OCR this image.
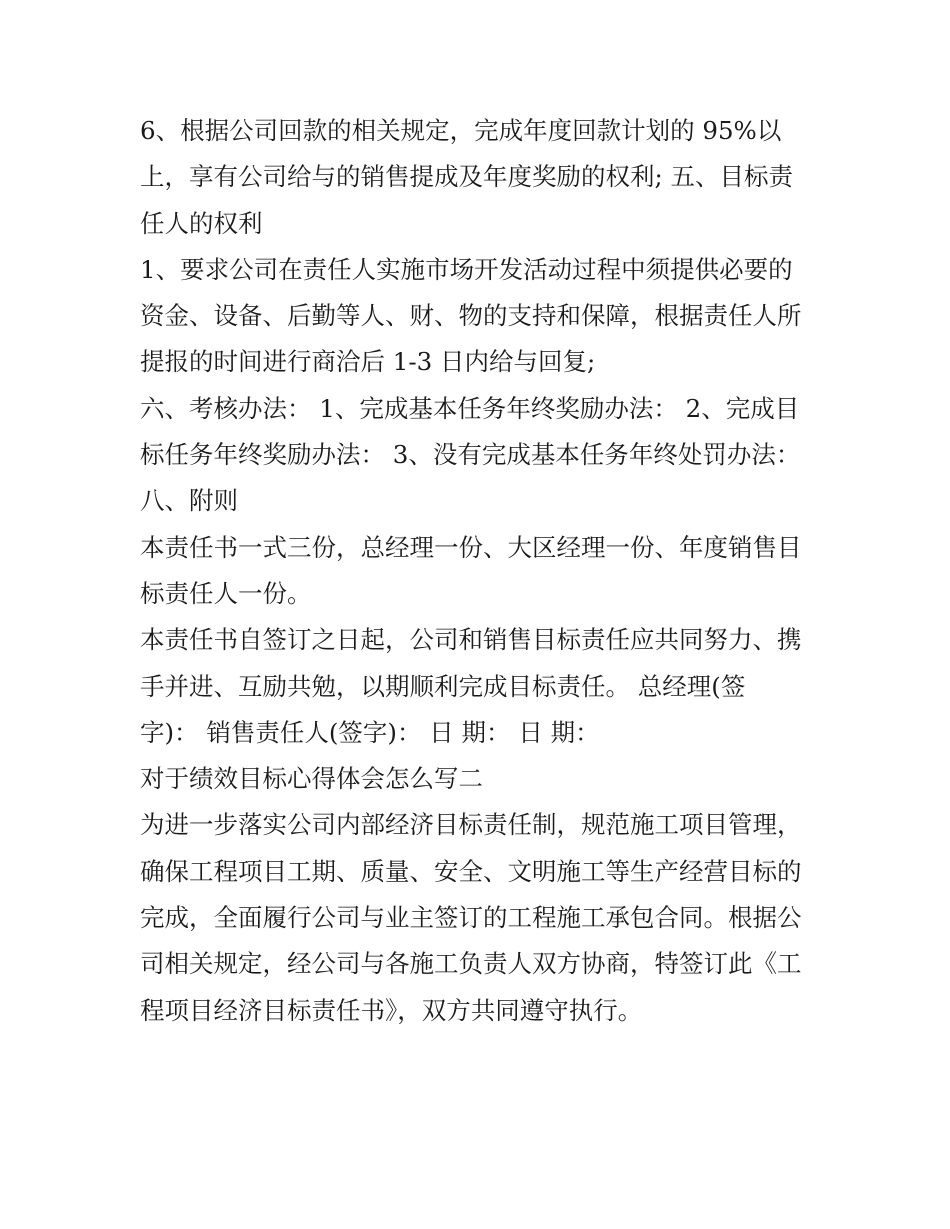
6、根据公司回款的相关规定，完成年度回款计划的 95%以
上，享有公司给与的销售提成及年度奖励的权利; 五、目标责
任人的权利
1、要求公司在责任人实施市场开发活动过程中须提供必要的
资金、设备、后勤等人、财、物的支持和保障，根据责任人所
提报的时间进行商洽后 1-3 日内给与回复;
六、考核办法： 1、完成基本任务年终奖励办法： 2、完成目
标任务年终奖励办法： 3、没有完成基本任务年终处罚办法：
八、附则
本责任书一式三份，总经理一份、大区经理一份、年度销售目
标责任人一份。
本责任书自签订之日起，公司和销售目标责任应共同努力、携
手并进、互励共勉，以期顺利完成目标责任。 总经理(签
字)： 销售责任人(签字)： 日 期： 日 期：
对于绩效目标心得体会怎么写二
为进一步落实公司内部经济目标责任制，规范施工项目管理，
确保工程项目工期、质量、安全、文明施工等生产经营目标的
完成，全面履行公司与业主签订的工程施工承包合同。根据公
司相关规定，经公司与各施工负责人双方协商，特签订此《工
程项目经济目标责任书》，双方共同遵守执行。
